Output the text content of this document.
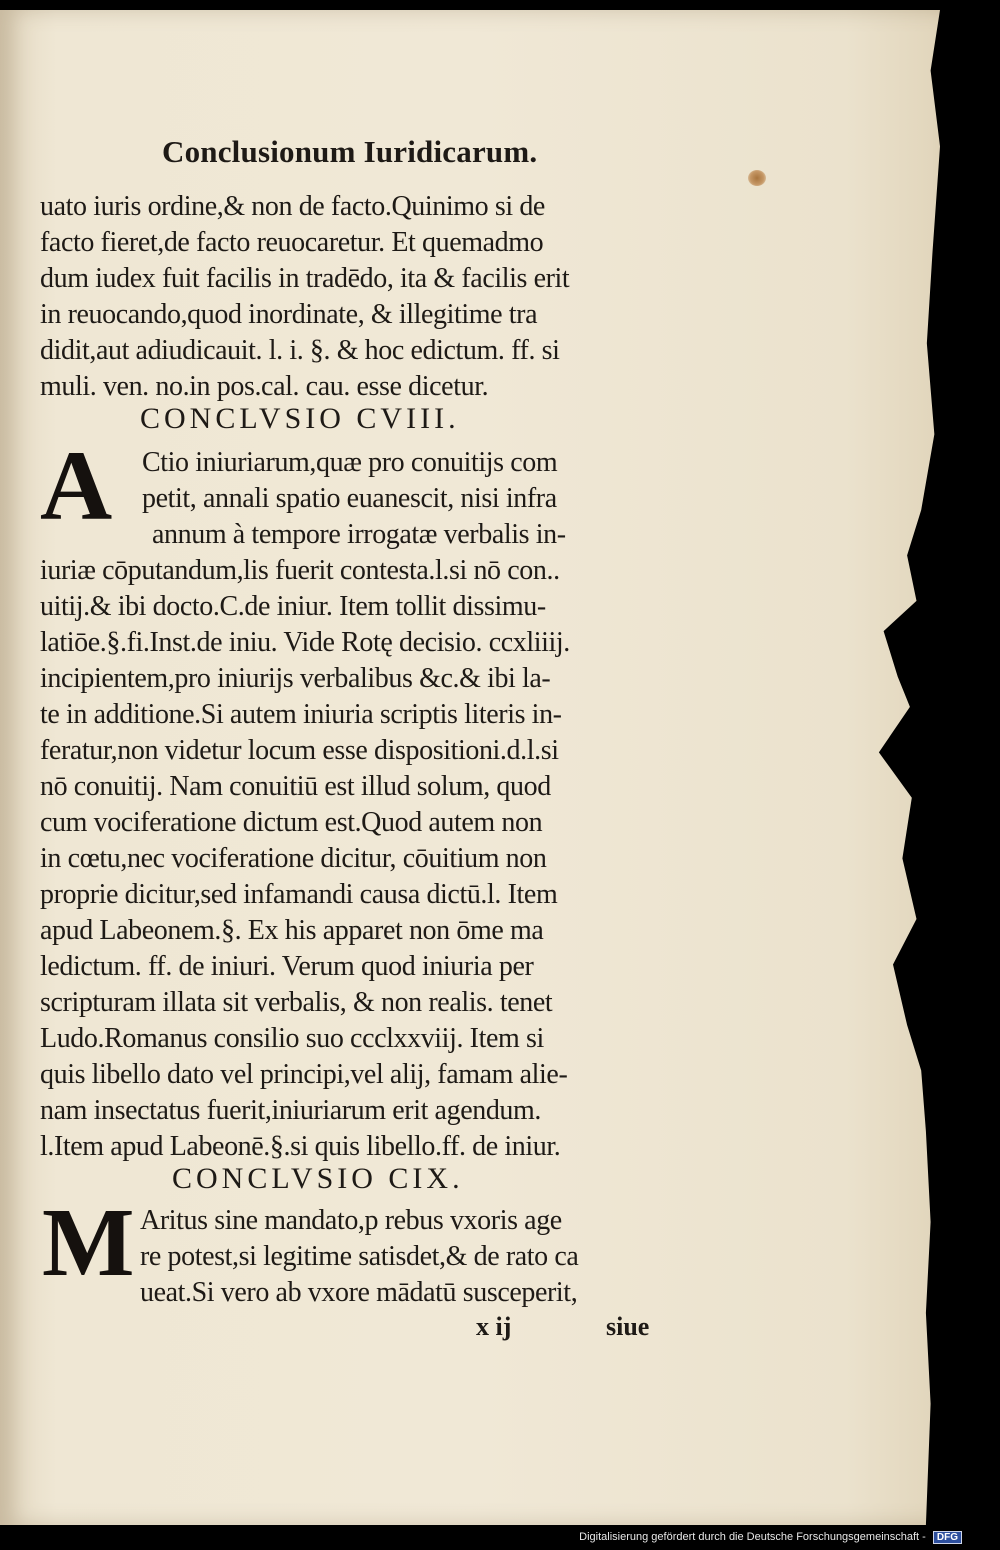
Conclusionum Iuridicarum.
uato iuris ordine,& non de facto.Quinimo si de
facto fieret,de facto reuocaretur. Et quemadmo
dum iudex fuit facilis in tradēdo, ita & facilis erit
in reuocando,quod inordinate, & illegitime tra
didit,aut adiudicauit. l. i. §. & hoc edictum. ff. si
muli. ven. no.in pos.cal. cau. esse dicetur.
CONCLVSIO CVIII.
A Ctio iniuriarum,quæ pro conuitijs com
petit, annali spatio euanescit, nisi infra
annum à tempore irrogatæ verbalis in-
iuriæ cōputandum,lis fuerit contesta.l.si nō con..
uitij.& ibi docto.C.de iniur. Item tollit dissimu-
latiōe.§.fi.Inst.de iniu. Vide Rotę decisio. ccxliiij.
incipientem,pro iniurijs verbalibus &c.& ibi la-
te in additione.Si autem iniuria scriptis literis in-
feratur,non videtur locum esse dispositioni.d.l.si
nō conuitij. Nam conuitiū est illud solum, quod
cum vociferatione dictum est.Quod autem non
in cœtu,nec vociferatione dicitur, cōuitium non
proprie dicitur,sed infamandi causa dictū.l. Item
apud Labeonem.§. Ex his apparet non ōme ma
ledictum. ff. de iniuri. Verum quod iniuria per
scripturam illata sit verbalis, & non realis. tenet
Ludo.Romanus consilio suo ccclxxviij. Item si
quis libello dato vel principi,vel alij, famam alie-
nam insectatus fuerit,iniuriarum erit agendum.
l.Item apud Labeonē.§.si quis libello.ff. de iniur.
CONCLVSIO CIX.
M Aritus sine mandato,p rebus vxoris age
re potest,si legitime satisdet,& de rato ca
ueat.Si vero ab vxore mādatū susceperit,
x ij	siue
Digitalisierung gefördert durch die Deutsche Forschungsgemeinschaft - DFG
